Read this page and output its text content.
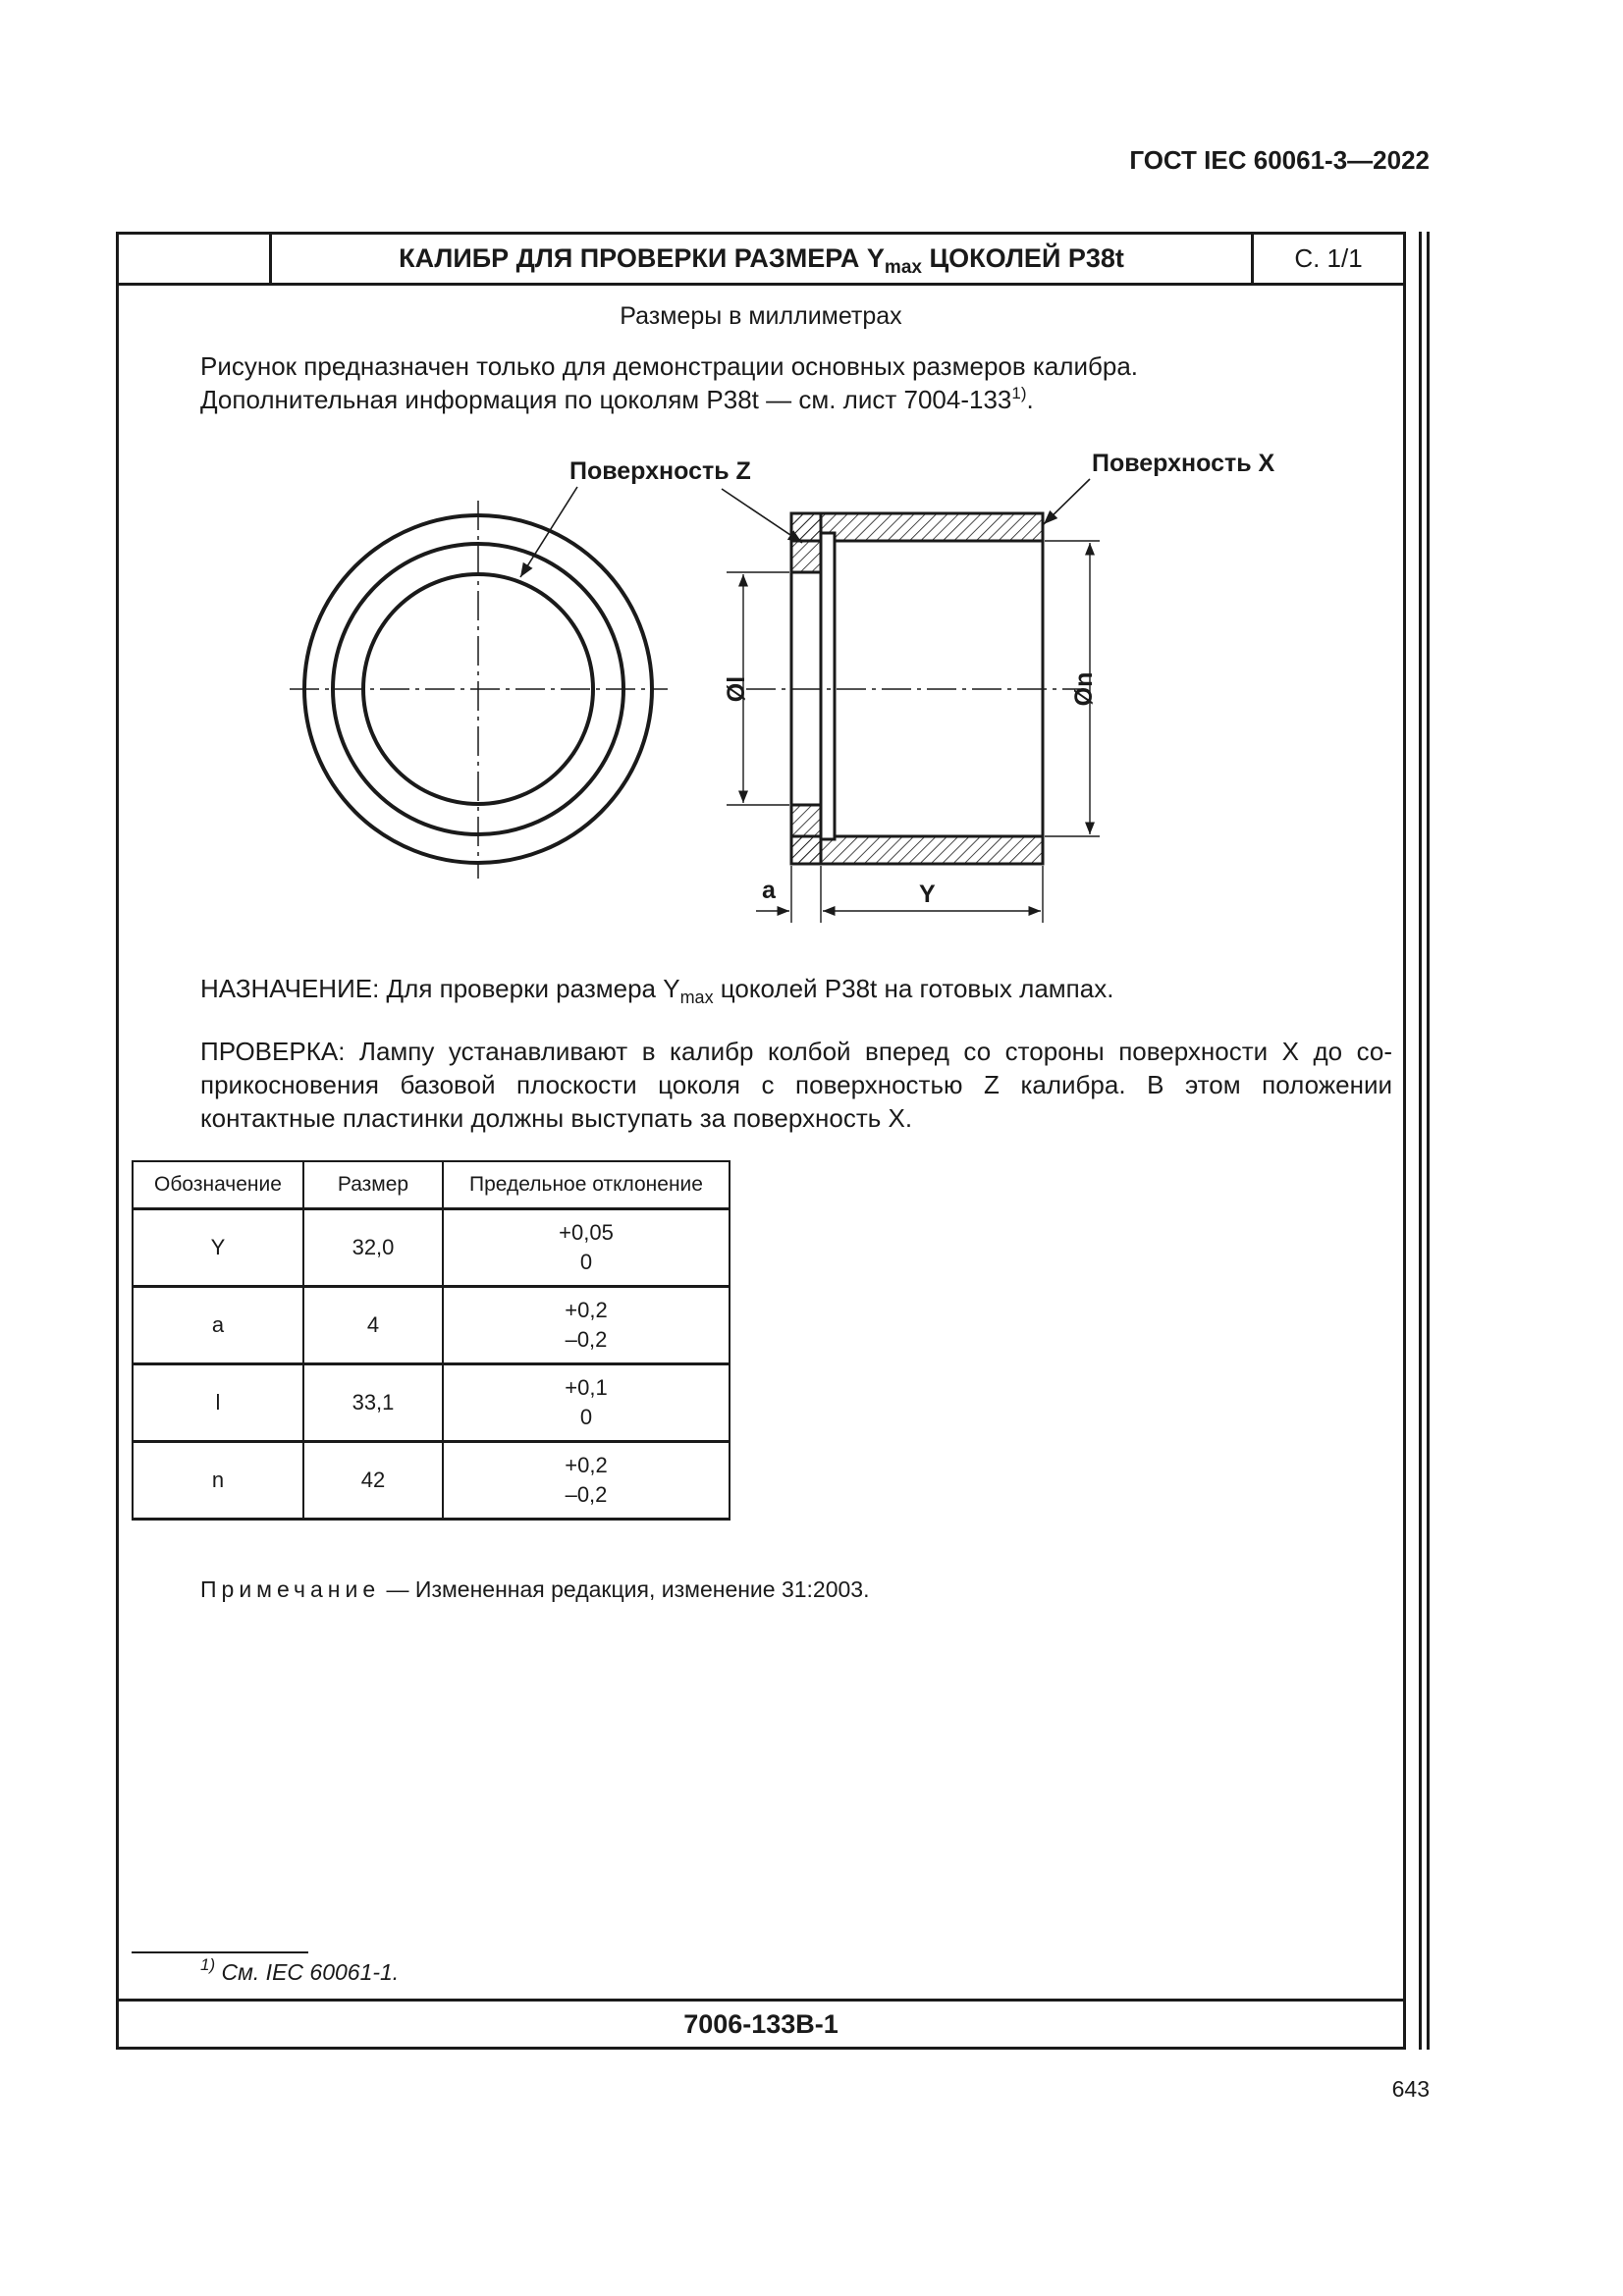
ГОСТ IEC 60061-3—2022
КАЛИБР ДЛЯ ПРОВЕРКИ РАЗМЕРА $Y_{max}$ ЦОКОЛЕЙ P38t	С. 1/1
Размеры в миллиметрах
Рисунок предназначен только для демонстрации основных размеров калибра.
Дополнительная информация по цоколям P38t — см. лист 7004-133$^{1)}$.
Поверхность Z	Поверхность X
Øl	Øn
a	Y
НАЗНАЧЕНИЕ: Для проверки размера $Y_{max}$ цоколей P38t на готовых лампах.
ПРОВЕРКА: Лампу устанавливают в калибр колбой вперед со стороны поверхности X до со-прикосновения базовой плоскости цоколя с поверхностью Z калибра. В этом положении контактные пластинки должны выступать за поверхность X.
Обозначение	Размер	Предельное отклонение
Y	32,0	+0,05
0

a	4	+0,2
–0,2

l	33,1	+0,1
0

n	42	+0,2
–0,2
Примечание — Измененная редакция, изменение 31:2003.
$^{1)}$ См. IEC 60061-1.
7006-133B-1
643
